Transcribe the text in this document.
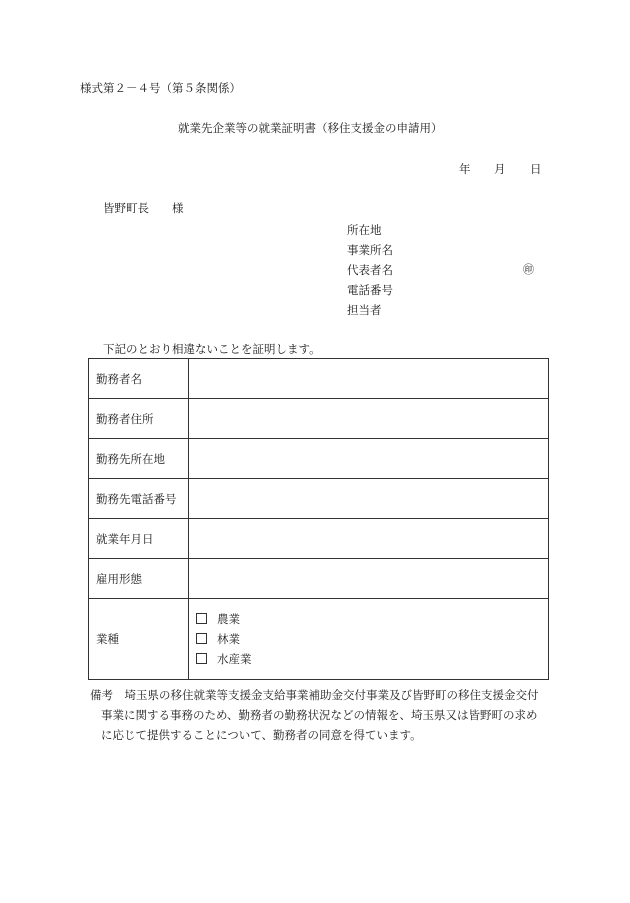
様式第２－４号（第５条関係）
就業先企業等の就業証明書（移住支援金の申請用）
年 月 日
皆野町長　　様
所在地
事業所名
代表者名	㊞
電話番号
担当者
下記のとおり相違ないことを証明します。
勤務者名	
勤務者住所	
勤務先所在地	
勤務先電話番号	
就業年月日	
雇用形態	
業種	農業
林業
水産業
備考　埼玉県の移住就業等支援金支給事業補助金交付事業及び皆野町の移住支援金交付
事業に関する事務のため、勤務者の勤務状況などの情報を、埼玉県又は皆野町の求め
に応じて提供することについて、勤務者の同意を得ています。
